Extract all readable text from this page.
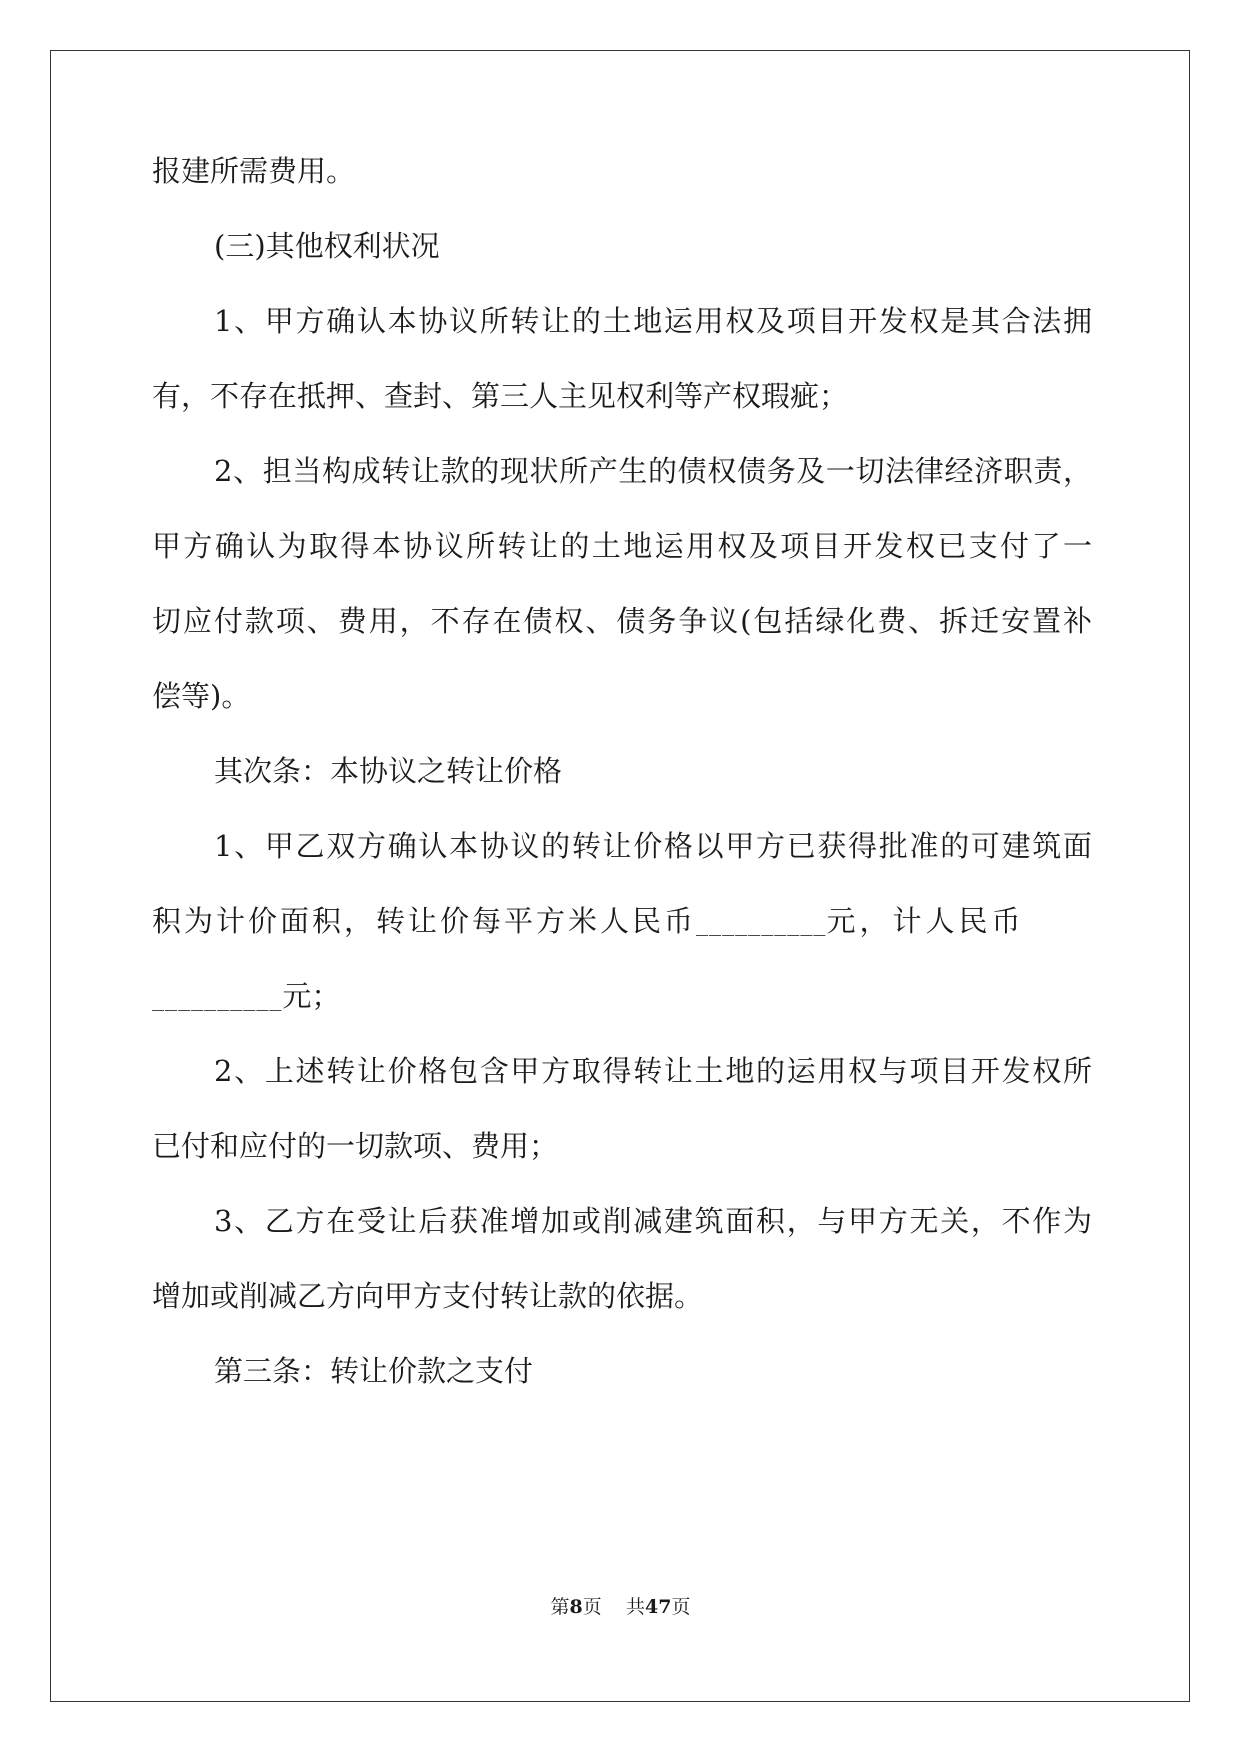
报建所需费用。
(三)其他权利状况
1、甲方确认本协议所转让的土地运用权及项目开发权是其合法拥
有，不存在抵押、查封、第三人主见权利等产权瑕疵；
2、担当构成转让款的现状所产生的债权债务及一切法律经济职责，
甲方确认为取得本协议所转让的土地运用权及项目开发权已支付了一
切应付款项、费用，不存在债权、债务争议(包括绿化费、拆迁安置补
偿等)。
其次条：本协议之转让价格
1、甲乙双方确认本协议的转让价格以甲方已获得批准的可建筑面
积为计价面积，转让价每平方米人民币__________元，计人民币
__________元；
2、上述转让价格包含甲方取得转让土地的运用权与项目开发权所
已付和应付的一切款项、费用；
3、乙方在受让后获准增加或削减建筑面积，与甲方无关，不作为
增加或削减乙方向甲方支付转让款的依据。
第三条：转让价款之支付
第8页 共47页
